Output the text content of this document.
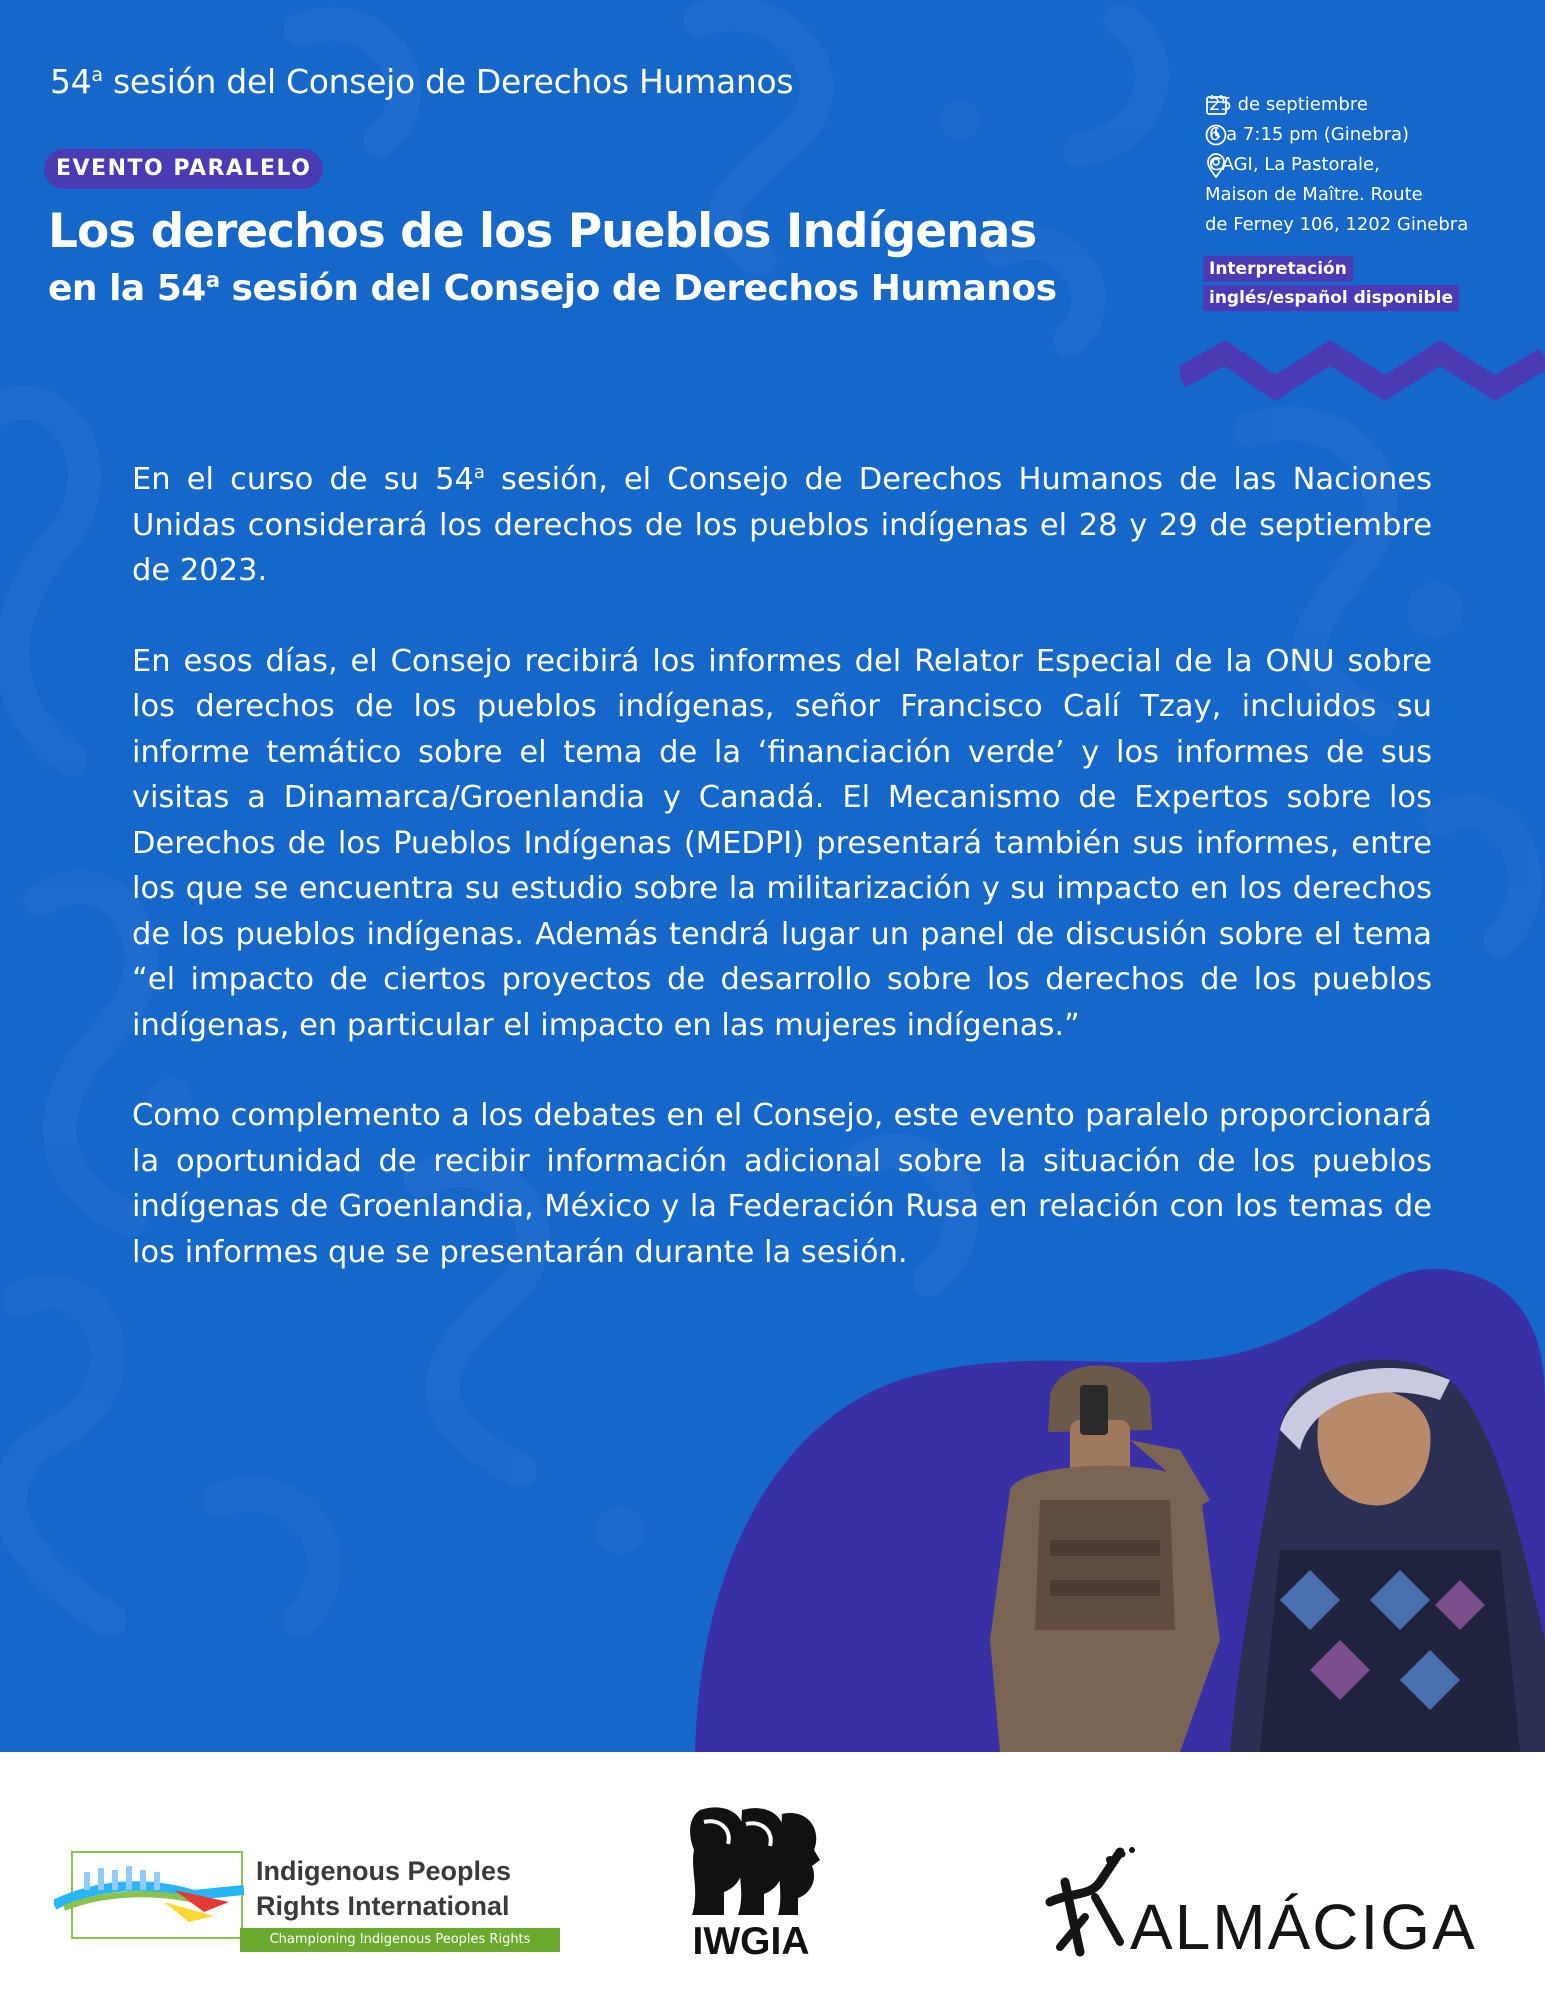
54$^a$ sesión del Consejo de Derechos Humanos
EVENTO PARALELO
Los derechos de los Pueblos Indígenas
en la 54$^a$ sesión del Consejo de Derechos Humanos
25 de septiembre
6 a 7:15 pm (Ginebra)
CAGI, La Pastorale,
Maison de Maître. Route
de Ferney 106, 1202 Ginebra
Interpretación
inglés/español disponible

En el curso de su 54$^a$ sesión, el Consejo de Derechos Humanos de las Naciones Unidas considerará los derechos de los pueblos indígenas el 28 y 29 de septiembre de 2023.

En esos días, el Consejo recibirá los informes del Relator Especial de la ONU sobre los derechos de los pueblos indígenas, señor Francisco Calí Tzay, incluidos su informe temático sobre el tema de la ‘financiación verde’ y los informes de sus visitas a Dinamarca/Groenlandia y Canadá. El Mecanismo de Expertos sobre los Derechos de los Pueblos Indígenas (MEDPI) presentará también sus informes, entre los que se encuentra su estudio sobre la militarización y su impacto en los derechos de los pueblos indígenas. Además tendrá lugar un panel de discusión sobre el tema “el impacto de ciertos proyectos de desarrollo sobre los derechos de los pueblos indígenas, en particular el impacto en las mujeres indígenas.”

Como complemento a los debates en el Consejo, este evento paralelo proporcionará la oportunidad de recibir información adicional sobre la situación de los pueblos indígenas de Groenlandia, México y la Federación Rusa en relación con los temas de los informes que se presentarán durante la sesión.

Indigenous Peoples
Rights International
Championing Indigenous Peoples Rights	IWGIA	ALMÁCIGA
